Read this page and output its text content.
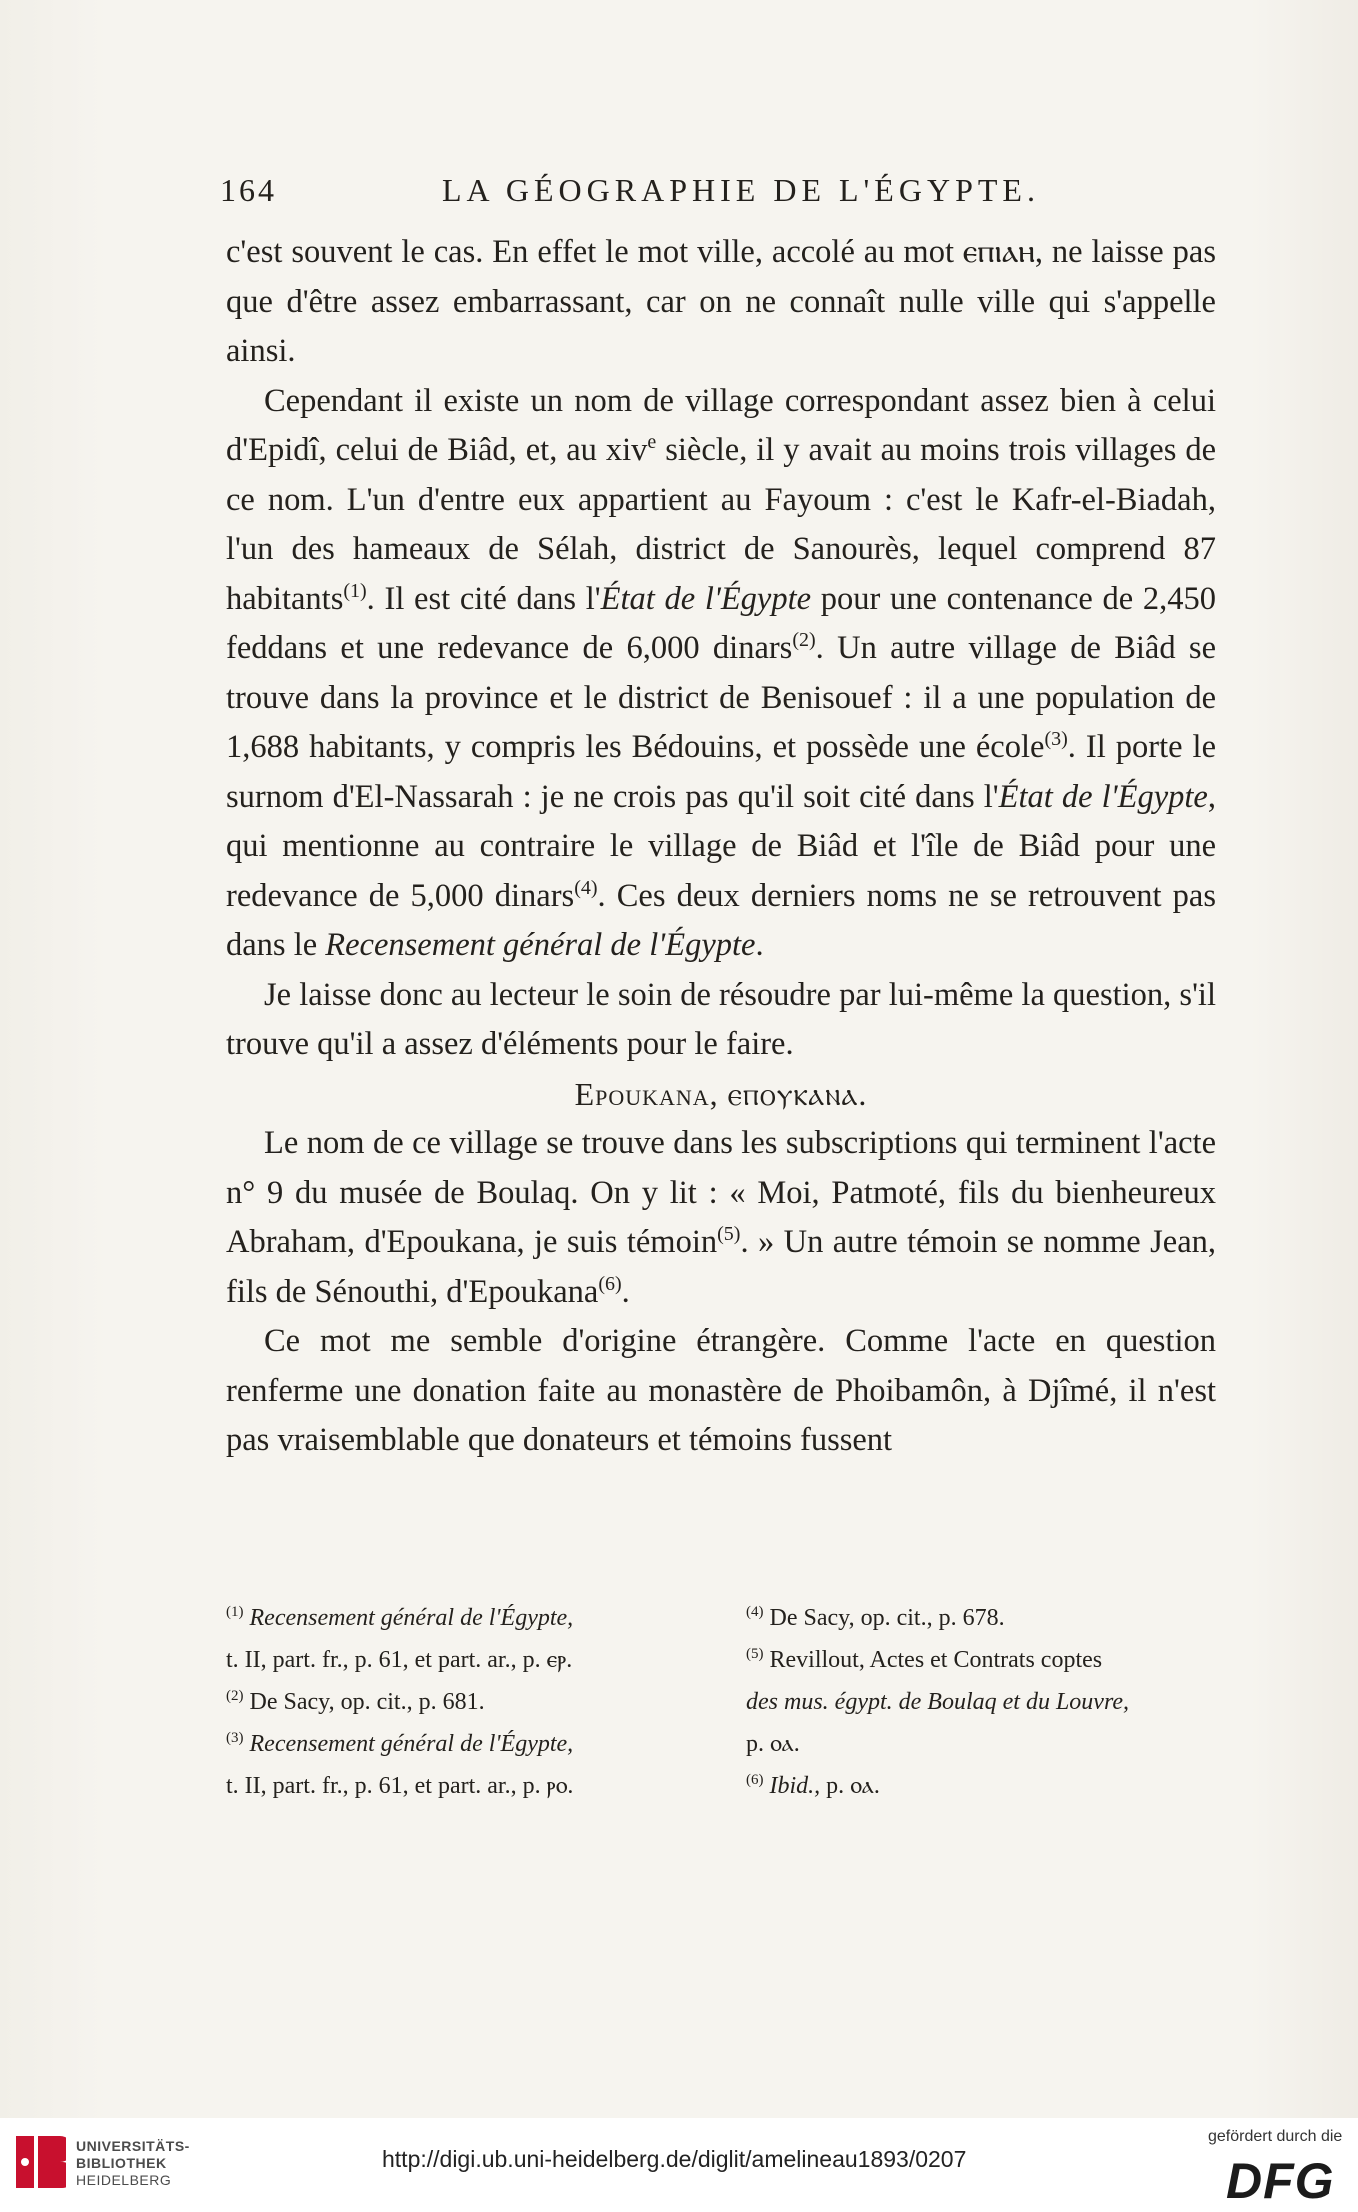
164	LA GÉOGRAPHIE DE L'ÉGYPTE.

c'est souvent le cas. En effet le mot ville, accolé au mot ⲉⲡⲓⲁⲏ, ne laisse pas que d'être assez embarrassant, car on ne connaît nulle ville qui s'appelle ainsi.

Cependant il existe un nom de village correspondant assez bien à celui d'Epidî, celui de Biâd, et, au xiv$^e$ siècle, il y avait au moins trois villages de ce nom. L'un d'entre eux appartient au Fayoum : c'est le Kafr-el-Biadah, l'un des hameaux de Sélah, district de Sanourès, lequel comprend 87 habitants$^{(1)}$. Il est cité dans l'État de l'Égypte pour une contenance de 2,450 feddans et une redevance de 6,000 dinars$^{(2)}$. Un autre village de Biâd se trouve dans la province et le district de Benisouef : il a une population de 1,688 habitants, y compris les Bédouins, et possède une école$^{(3)}$. Il porte le surnom d'El-Nassarah : je ne crois pas qu'il soit cité dans l'État de l'Égypte, qui mentionne au contraire le village de Biâd et l'île de Biâd pour une redevance de 5,000 dinars$^{(4)}$. Ces deux derniers noms ne se retrouvent pas dans le Recensement général de l'Égypte.

Je laisse donc au lecteur le soin de résoudre par lui-même la question, s'il trouve qu'il a assez d'éléments pour le faire.

Epoukana, ⲉⲡⲟⲩⲕⲁⲛⲁ.

Le nom de ce village se trouve dans les subscriptions qui terminent l'acte n° 9 du musée de Boulaq. On y lit : « Moi, Patmoté, fils du bienheureux Abraham, d'Epoukana, je suis témoin$^{(5)}$. » Un autre témoin se nomme Jean, fils de Sénouthi, d'Epoukana$^{(6)}$.

Ce mot me semble d'origine étrangère. Comme l'acte en question renferme une donation faite au monastère de Phoibamôn, à Djîmé, il n'est pas vraisemblable que donateurs et témoins fussent

$^{(1)}$ Recensement général de l'Égypte,
t. II, part. fr., p. 61, et part. ar., p. ⲉⲣ.
$^{(2)}$ De Sacy, op. cit., p. 681.
$^{(3)}$ Recensement général de l'Égypte,
t. II, part. fr., p. 61, et part. ar., p. ⲣⲟ.
$^{(4)}$ De Sacy, op. cit., p. 678.
$^{(5)}$ Revillout, Actes et Contrats coptes
des mus. égypt. de Boulaq et du Louvre,
p. ⲟⲁ.
$^{(6)}$ Ibid., p. ⲟⲁ.
UNIVERSITÄTS-
BIBLIOTHEK
HEIDELBERG
http://digi.ub.uni-heidelberg.de/diglit/amelineau1893/0207
gefördert durch die
DFG
